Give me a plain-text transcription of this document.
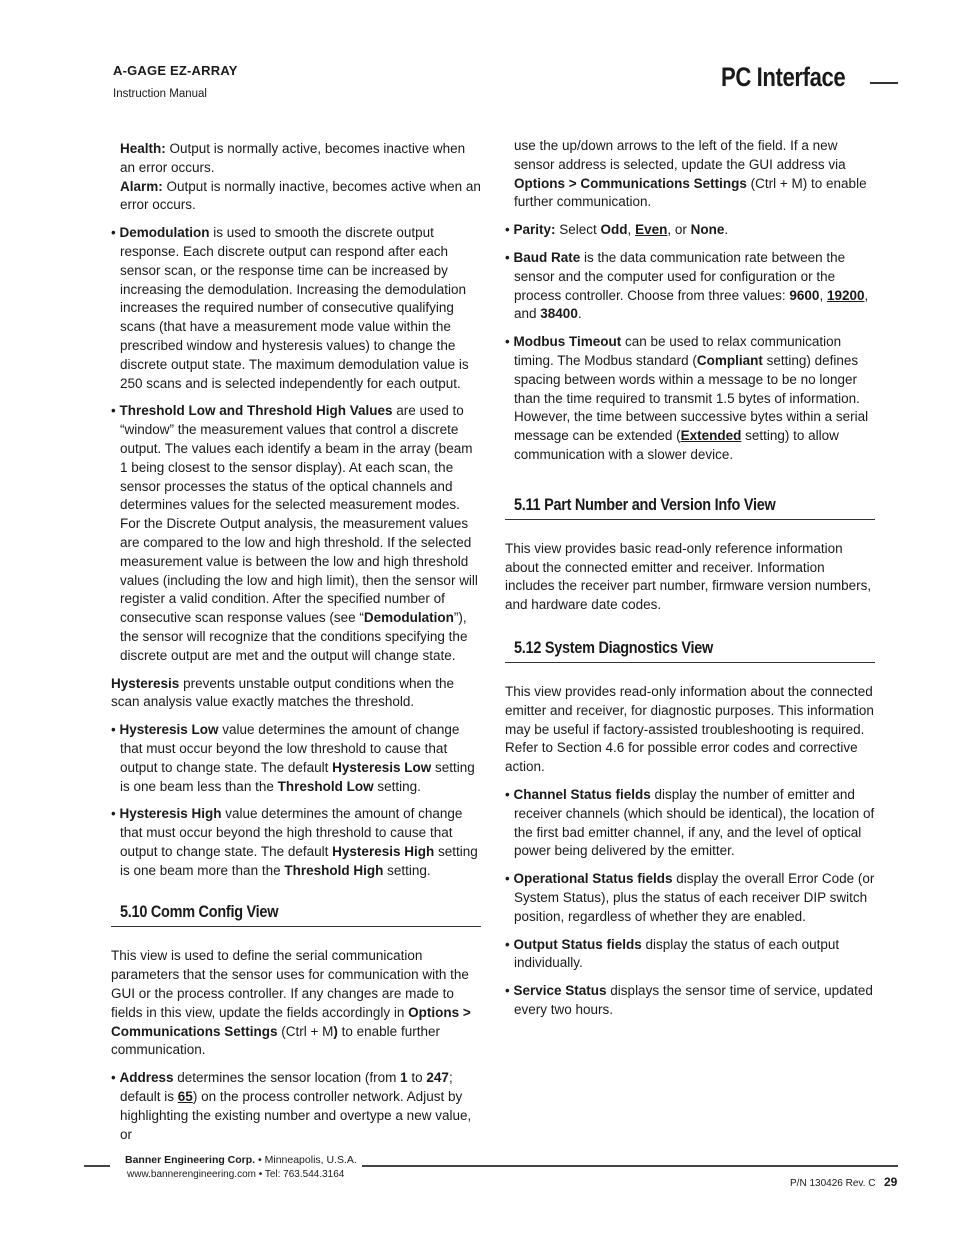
A-GAGE EZ-ARRAY
Instruction Manual
PC Interface

Health: Output is normally active, becomes inactive when an error occurs.

Alarm: Output is normally inactive, becomes active when an error occurs.

• Demodulation is used to smooth the discrete output response. Each discrete output can respond after each sensor scan, or the response time can be increased by increasing the demodulation. Increasing the demodulation increases the required number of consecutive qualifying scans (that have a measurement mode value within the prescribed window and hysteresis values) to change the discrete output state. The maximum demodulation value is 250 scans and is selected independently for each output.

• Threshold Low and Threshold High Values are used to “window” the measurement values that control a discrete output. The values each identify a beam in the array (beam 1 being closest to the sensor display). At each scan, the sensor processes the status of the optical channels and determines values for the selected measurement modes. For the Discrete Output analysis, the measurement values are compared to the low and high threshold. If the selected measurement value is between the low and high threshold values (including the low and high limit), then the sensor will register a valid condition. After the specified number of consecutive scan response values (see “Demodulation”), the sensor will recognize that the conditions specifying the discrete output are met and the output will change state.

Hysteresis prevents unstable output conditions when the scan analysis value exactly matches the threshold.

• Hysteresis Low value determines the amount of change that must occur beyond the low threshold to cause that output to change state. The default Hysteresis Low setting is one beam less than the Threshold Low setting.

• Hysteresis High value determines the amount of change that must occur beyond the high threshold to cause that output to change state. The default Hysteresis High setting is one beam more than the Threshold High setting.

5.10 Comm Config View

This view is used to define the serial communication parameters that the sensor uses for communication with the GUI or the process controller. If any changes are made to fields in this view, update the fields accordingly in Options > Communications Settings (Ctrl + M) to enable further communication.

• Address determines the sensor location (from 1 to 247; default is 65) on the process controller network. Adjust by highlighting the existing number and overtype a new value, or

use the up/down arrows to the left of the field. If a new sensor address is selected, update the GUI address via Options > Communications Settings (Ctrl + M) to enable further communication.

• Parity: Select Odd, Even, or None.

• Baud Rate is the data communication rate between the sensor and the computer used for configuration or the process controller. Choose from three values: 9600, 19200, and 38400.

• Modbus Timeout can be used to relax communication timing. The Modbus standard (Compliant setting) defines spacing between words within a message to be no longer than the time required to transmit 1.5 bytes of information. However, the time between successive bytes within a serial message can be extended (Extended setting) to allow communication with a slower device.

5.11 Part Number and Version Info View

This view provides basic read-only reference information about the connected emitter and receiver. Information includes the receiver part number, firmware version numbers, and hardware date codes.

5.12 System Diagnostics View

This view provides read-only information about the connected emitter and receiver, for diagnostic purposes. This information may be useful if factory-assisted troubleshooting is required. Refer to Section 4.6 for possible error codes and corrective action.

• Channel Status fields display the number of emitter and receiver channels (which should be identical), the location of the first bad emitter channel, if any, and the level of optical power being delivered by the emitter.

• Operational Status fields display the overall Error Code (or System Status), plus the status of each receiver DIP switch position, regardless of whether they are enabled.

• Output Status fields display the status of each output individually.

• Service Status displays the sensor time of service, updated every two hours.

Banner Engineering Corp. • Minneapolis, U.S.A.
www.bannerengineering.com • Tel: 763.544.3164
P/N 130426 Rev. C 29
